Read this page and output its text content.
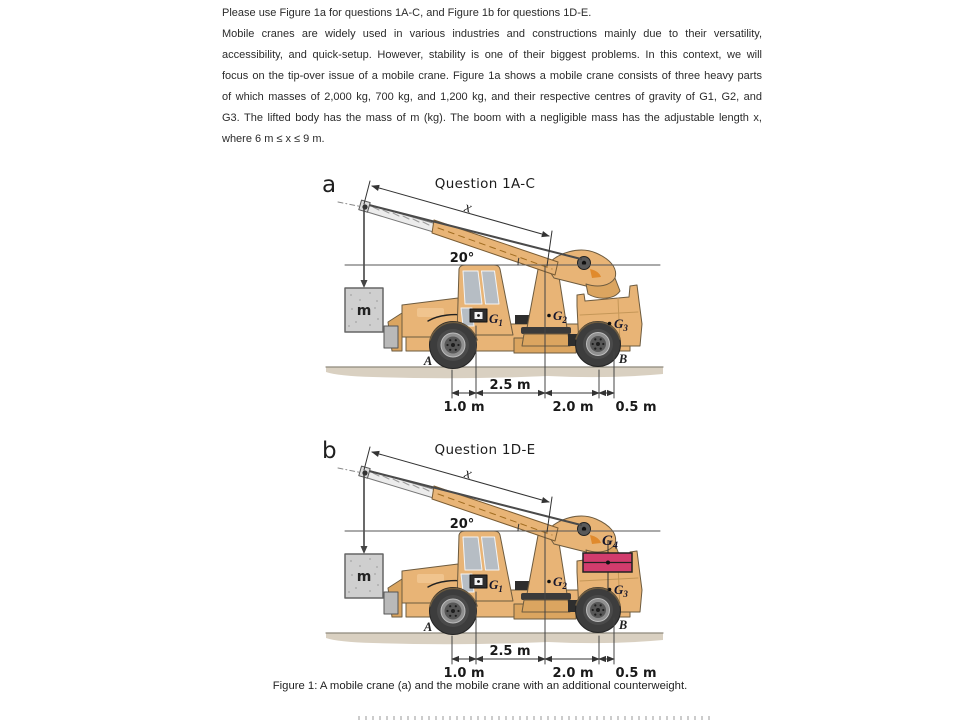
Please use Figure 1a for questions 1A-C, and Figure 1b for questions 1D-E.
Mobile cranes are widely used in various industries and constructions mainly due to their versatility,
accessibility, and quick-setup. However, stability is one of their biggest problems. In this context, we will
focus on the tip-over issue of a mobile crane. Figure 1a shows a mobile crane consists of three heavy parts
of which masses of 2,000 kg, 700 kg, and 1,200 kg, and their respective centres of gravity of G1, G2, and
G3. The lifted body has the mass of m (kg). The boom with a negligible mass has the adjustable length x,
where 6 m ≤ x ≤ 9 m.
a	Question 1A-C
x
20°
m	$G_1$	$G_2$	$G_3$
A	B
2.5 m
1.0 m	2.0 m 0.5 m
b	Question 1D-E
x
20°
m	$G_1$	$G_2$	$G_3$
$G_4$
A	B
2.5 m
1.0 m	2.0 m 0.5 m
Figure 1: A mobile crane (a) and the mobile crane with an additional counterweight.
